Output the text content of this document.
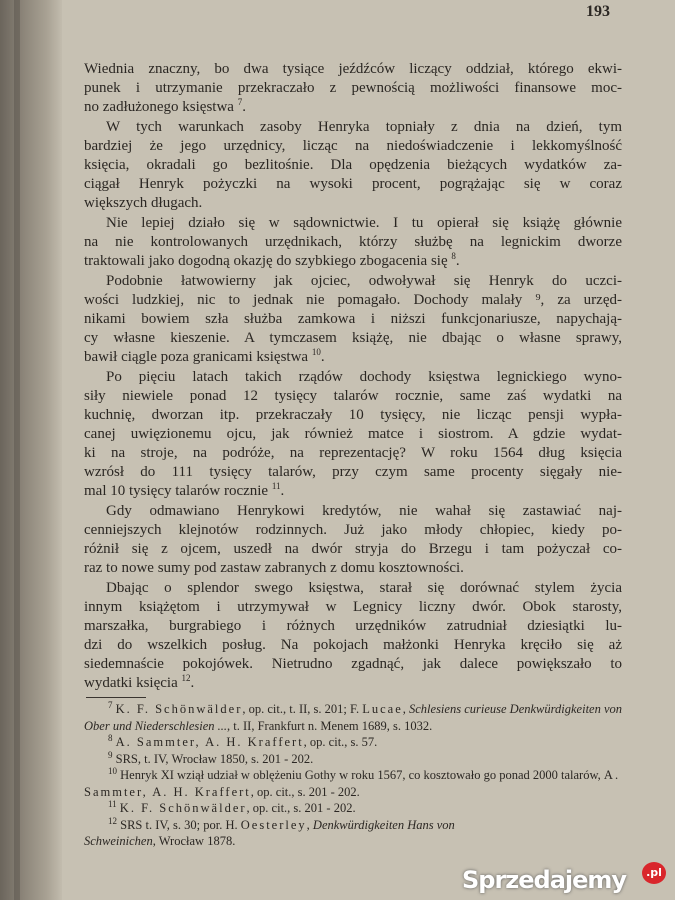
193
Wiednia znaczny, bo dwa tysiące jeźdźców liczący oddział, którego ekwi-
punek i utrzymanie przekraczało z pewnością możliwości finansowe moc-
no zadłużonego księstwa $^7$.
W tych warunkach zasoby Henryka topniały z dnia na dzień, tym
bardziej że jego urzędnicy, licząc na niedoświadczenie i lekkomyślność
księcia, okradali go bezlitośnie. Dla opędzenia bieżących wydatków za-
ciągał Henryk pożyczki na wysoki procent, pogrążając się w coraz
większych długach.
Nie lepiej działo się w sądownictwie. I tu opierał się książę głównie
na nie kontrolowanych urzędnikach, którzy służbę na legnickim dworze
traktowali jako dogodną okazję do szybkiego zbogacenia się $^8$.
Podobnie łatwowierny jak ojciec, odwoływał się Henryk do uczci-
wości ludzkiej, nic to jednak nie pomagało. Dochody malały ⁹, za urzęd-
nikami bowiem szła służba zamkowa i niższi funkcjonariusze, napychają-
cy własne kieszenie. A tymczasem książę, nie dbając o własne sprawy,
bawił ciągle poza granicami księstwa $^{10}$.
Po pięciu latach takich rządów dochody księstwa legnickiego wyno-
siły niewiele ponad 12 tysięcy talarów rocznie, same zaś wydatki na
kuchnię, dworzan itp. przekraczały 10 tysięcy, nie licząc pensji wypła-
canej uwięzionemu ojcu, jak również matce i siostrom. A gdzie wydat-
ki na stroje, na podróże, na reprezentację? W roku 1564 dług księcia
wzrósł do 111 tysięcy talarów, przy czym same procenty sięgały nie-
mal 10 tysięcy talarów rocznie $^{11}$.
Gdy odmawiano Henrykowi kredytów, nie wahał się zastawiać naj-
cenniejszych klejnotów rodzinnych. Już jako młody chłopiec, kiedy po-
różnił się z ojcem, uszedł na dwór stryja do Brzegu i tam pożyczał co-
raz to nowe sumy pod zastaw zabranych z domu kosztowności.
Dbając o splendor swego księstwa, starał się dorównać stylem życia
innym książętom i utrzymywał w Legnicy liczny dwór. Obok starosty,
marszałka, burgrabiego i różnych urzędników zatrudniał dziesiątki lu-
dzi do wszelkich posług. Na pokojach małżonki Henryka kręciło się aż
siedemnaście pokojówek. Nietrudno zgadnąć, jak dalece powiększało to
wydatki księcia $^{12}$.
$^7$ K. F. Schönwälder, op. cit., t. II, s. 201; F. Lucae, Schlesiens curieuse Denkwürdigkeiten von Ober und Niederschlesien ..., t. II, Frankfurt n. Menem 1689, s. 1032.
$^8$ A. Sammter, A. H. Kraffert, op. cit., s. 57.
$^9$ SRS, t. IV, Wrocław 1850, s. 201 - 202.
$^{10}$ Henryk XI wziął udział w oblężeniu Gothy w roku 1567, co kosztowało go ponad 2000 talarów, A. Sammter, A. H. Kraffert, op. cit., s. 201 - 202.
$^{11}$ K. F. Schönwälder, op. cit., s. 201 - 202.
$^{12}$ SRS t. IV, s. 30; por. H. Oesterley, Denkwürdigkeiten Hans von Schweinichen, Wrocław 1878.
Sprzedajemy	.pl
